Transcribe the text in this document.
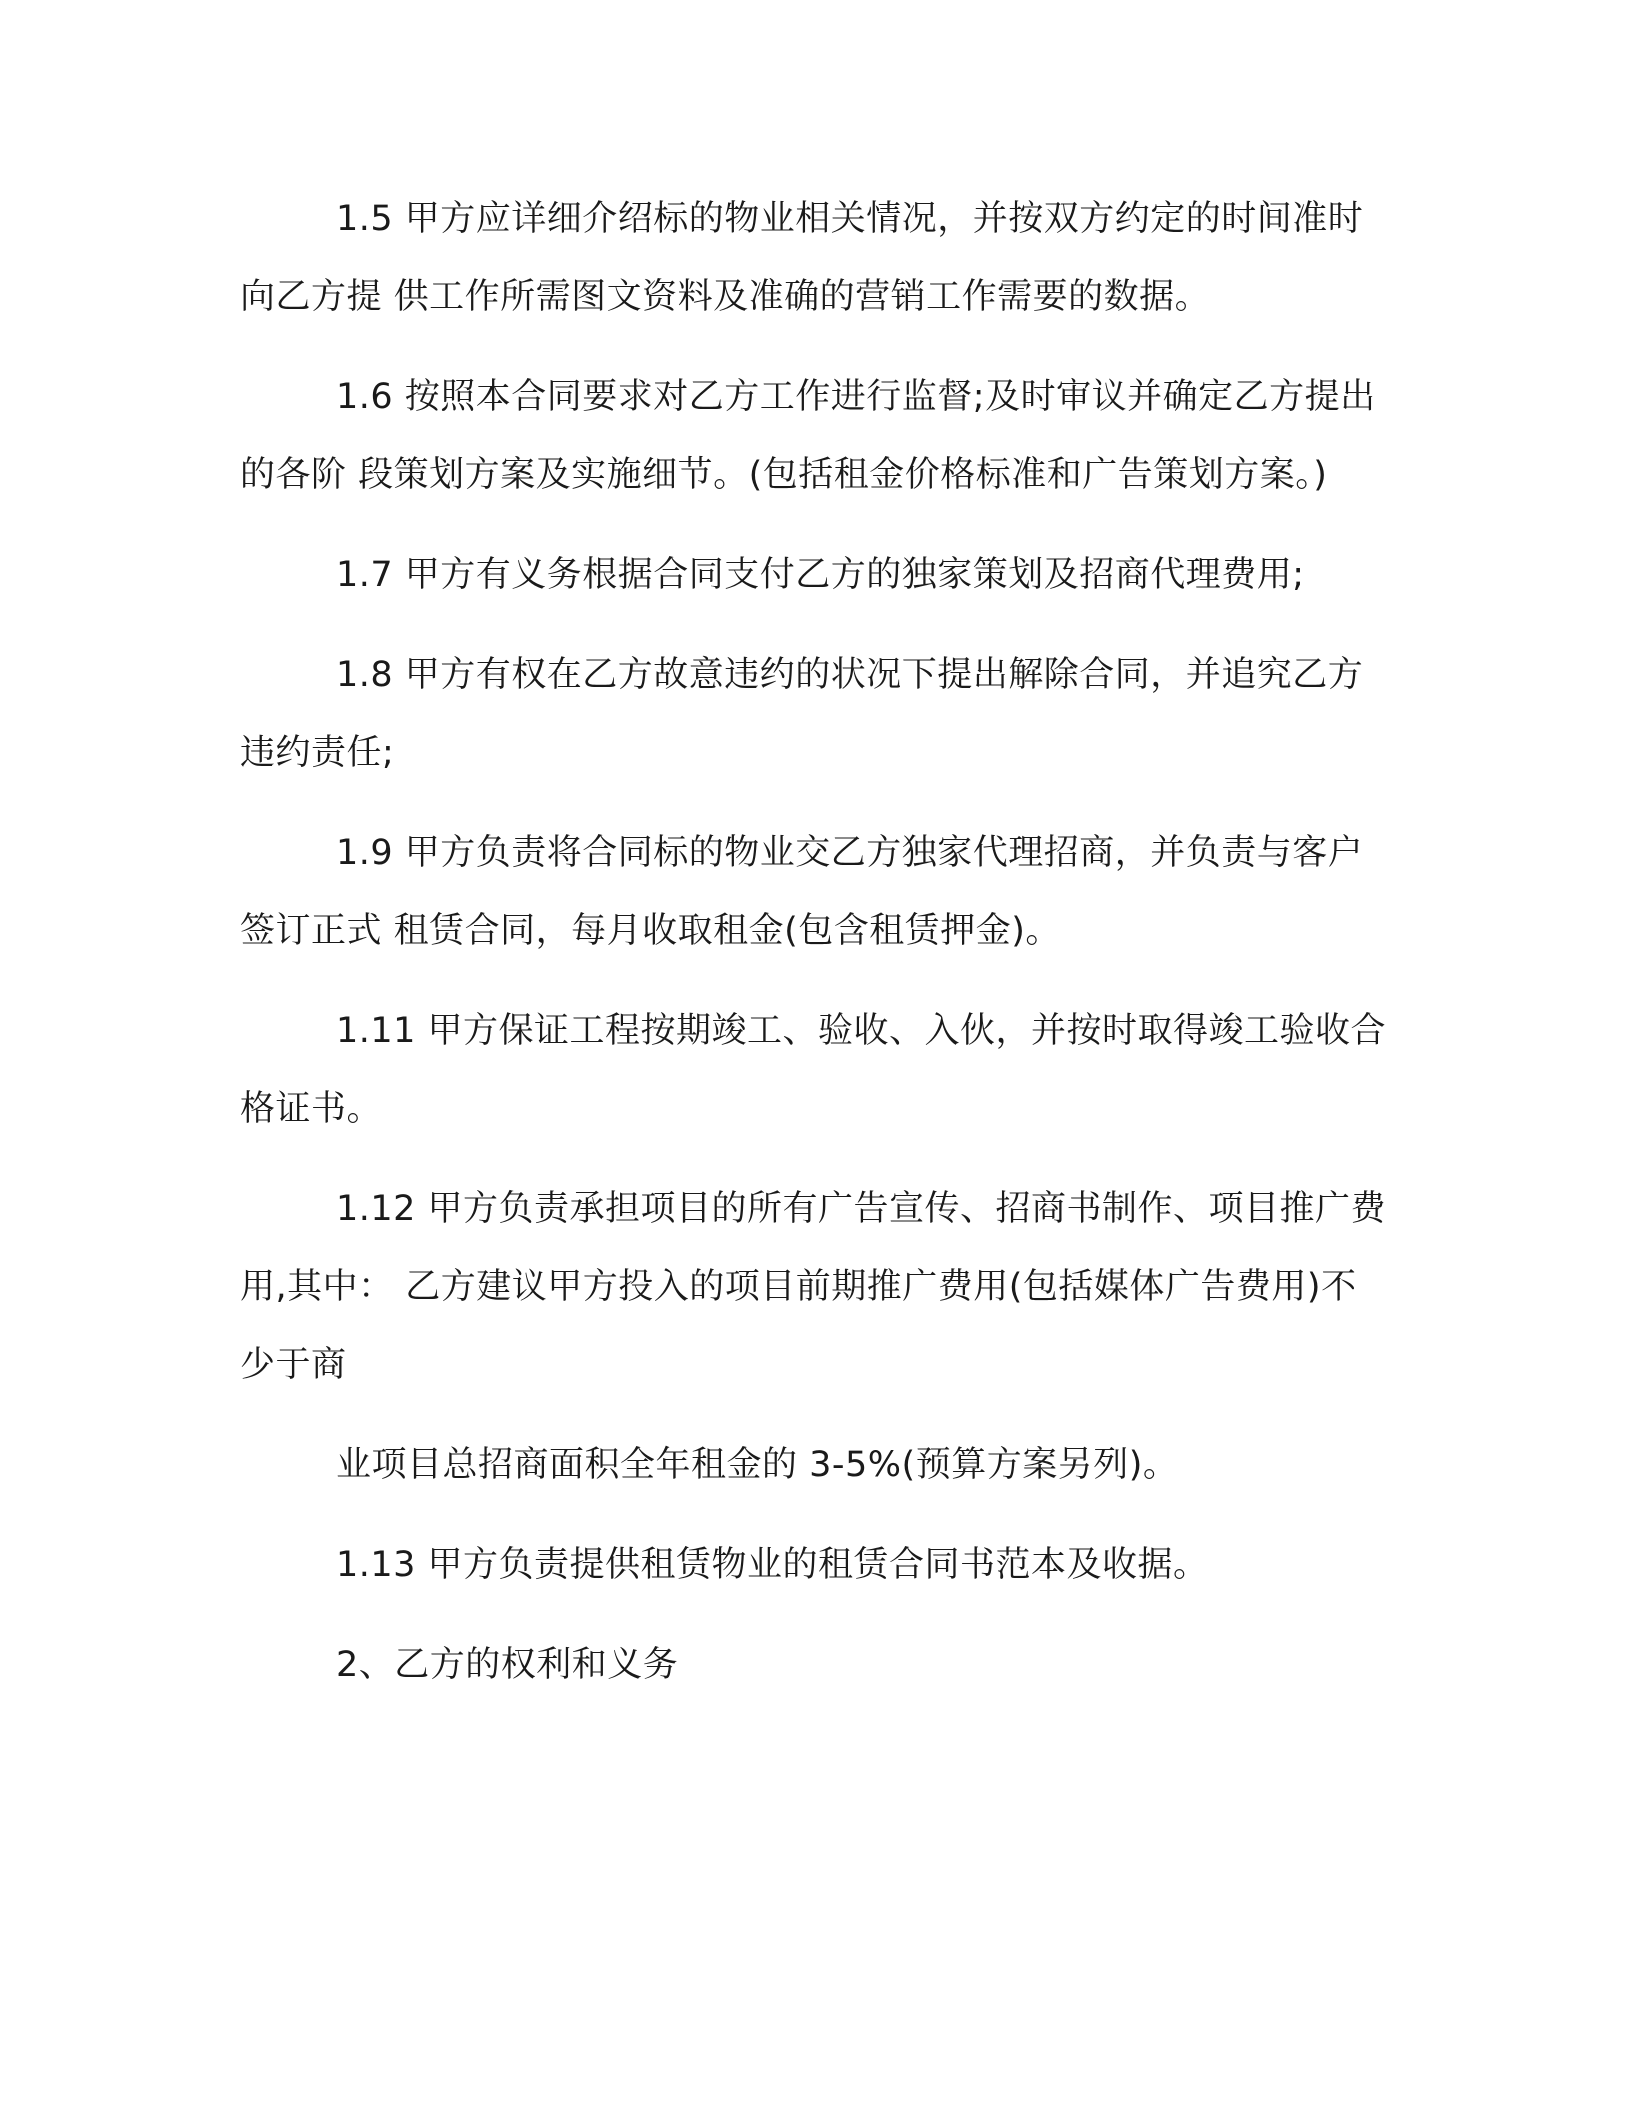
1.5 甲方应详细介绍标的物业相关情况，并按双方约定的时间准时向乙方提 供工作所需图文资料及准确的营销工作需要的数据。

1.6 按照本合同要求对乙方工作进行监督;及时审议并确定乙方提出的各阶 段策划方案及实施细节。(包括租金价格标准和广告策划方案。)

1.7 甲方有义务根据合同支付乙方的独家策划及招商代理费用;

1.8 甲方有权在乙方故意违约的状况下提出解除合同，并追究乙方违约责任;

1.9 甲方负责将合同标的物业交乙方独家代理招商，并负责与客户签订正式 租赁合同，每月收取租金(包含租赁押金)。

1.11 甲方保证工程按期竣工、验收、入伙，并按时取得竣工验收合格证书。

1.12 甲方负责承担项目的所有广告宣传、招商书制作、项目推广费用,其中： 乙方建议甲方投入的项目前期推广费用(包括媒体广告费用)不少于商

业项目总招商面积全年租金的 3-5%(预算方案另列)。

1.13 甲方负责提供租赁物业的租赁合同书范本及收据。

2、乙方的权利和义务
